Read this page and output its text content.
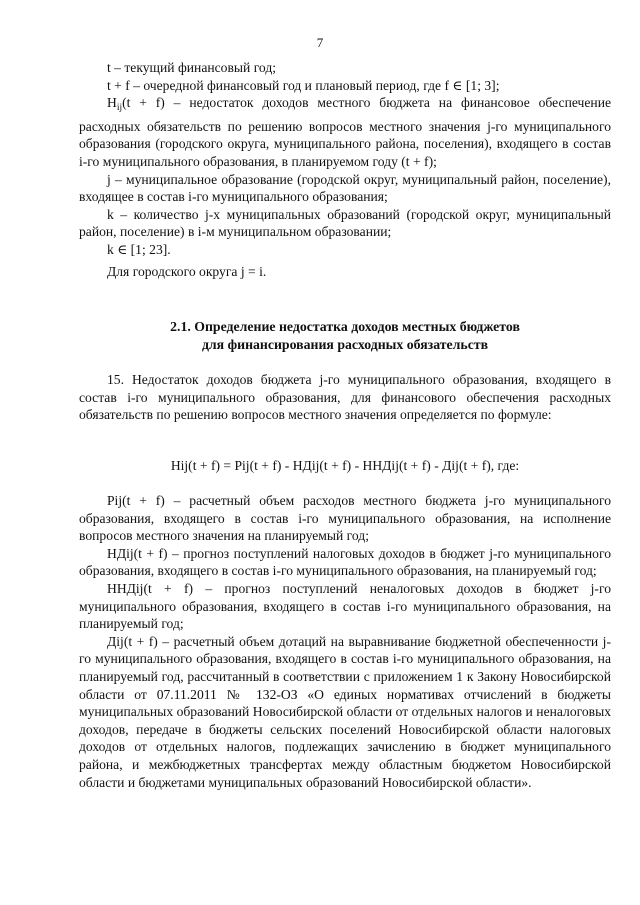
7

t – текущий финансовый год;

t + f – очередной финансовый год и плановый период, где f ∈ [1; 3];

$H_{ij}(t + f)$ – недостаток доходов местного бюджета на финансовое обеспечение расходных обязательств по решению вопросов местного значения j-го муниципального образования (городского округа, муниципального района, поселения), входящего в состав i-го муниципального образования, в планируемом году (t + f);

j – муниципальное образование (городской округ, муниципальный район, поселение), входящее в состав i-го муниципального образования;

k – количество j-х муниципальных образований (городской округ, муниципальный район, поселение) в i-м муниципальном образовании;

k ∈ [1; 23].

Для городского округа j = i.

2.1. Определение недостатка доходов местных бюджетов
для финансирования расходных обязательств

15. Недостаток доходов бюджета j-го муниципального образования, входящего в состав i-го муниципального образования, для финансового обеспечения расходных обязательств по решению вопросов местного значения определяется по формуле:

Hij(t + f) = Pij(t + f) - НДij(t + f) - ННДij(t + f) - Дij(t + f), где:

Pij(t + f) – расчетный объем расходов местного бюджета j-го муниципального образования, входящего в состав i-го муниципального образования, на исполнение вопросов местного значения на планируемый год;

НДij(t + f) – прогноз поступлений налоговых доходов в бюджет j-го муниципального образования, входящего в состав i-го муниципального образования, на планируемый год;

ННДij(t + f) – прогноз поступлений неналоговых доходов в бюджет j-го муниципального образования, входящего в состав i-го муниципального образования, на планируемый год;

Дij(t + f) – расчетный объем дотаций на выравнивание бюджетной обеспеченности j-го муниципального образования, входящего в состав i-го муниципального образования, на планируемый год, рассчитанный в соответствии с приложением 1 к Закону Новосибирской области от 07.11.2011 № 132-ОЗ «О единых нормативах отчислений в бюджеты муниципальных образований Новосибирской области от отдельных налогов и неналоговых доходов, передаче в бюджеты сельских поселений Новосибирской области налоговых доходов от отдельных налогов, подлежащих зачислению в бюджет муниципального района, и межбюджетных трансфертах между областным бюджетом Новосибирской области и бюджетами муниципальных образований Новосибирской области».
